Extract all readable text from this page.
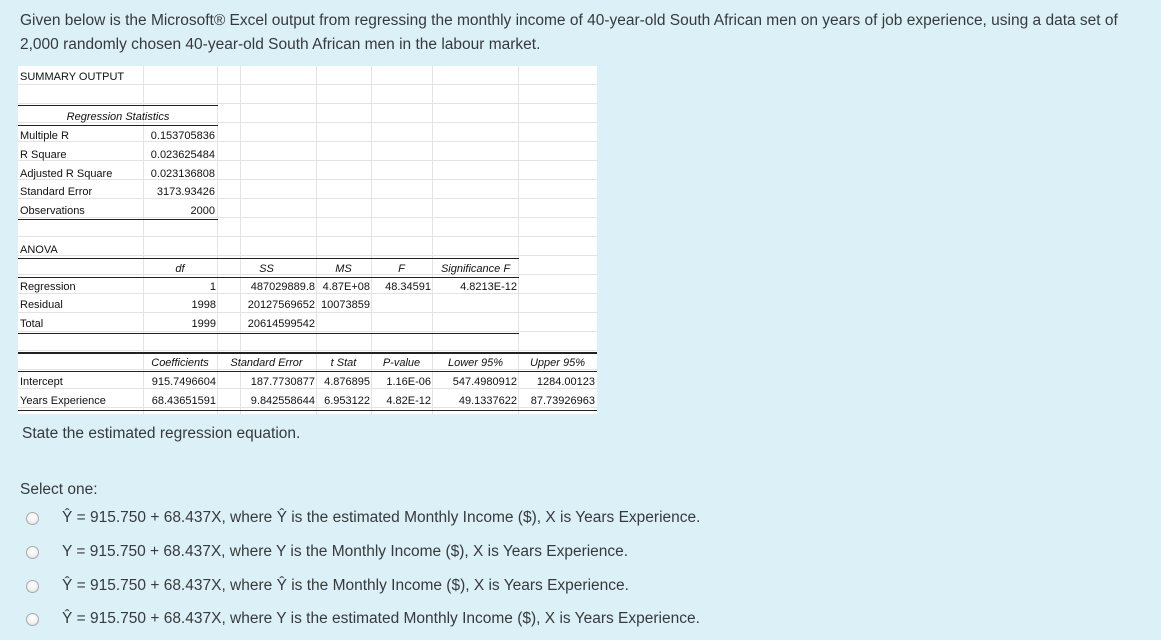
Given below is the Microsoft® Excel output from regressing the monthly income of 40-year-old South African men on years of job experience, using a data set of 2,000 randomly chosen 40-year-old South African men in the labour market.
SUMMARY OUTPUT
Regression Statistics
Multiple R	0.153705836
R Square	0.023625484
Adjusted R Square	0.023136808
Standard Error	3173.93426
Observations	2000
ANOVA
df	SS	MS	F	Significance F
Regression	1	487029889.8 4.87E+08	48.34591	4.8213E-12
Residual	1998	20127569652 10073859
Total	1999	20614599542
Coefficients	Standard Error	t Stat	P-value	Lower 95%	Upper 95%
Intercept	915.7496604	187.7730877 4.876895	1.16E-06	547.4980912	1284.00123
Years Experience	68.43651591	9.842558644 6.953122	4.82E-12	49.1337622	87.73926963
State the estimated regression equation.
Select one:
Ŷ = 915.750 + 68.437X, where Ŷ is the estimated Monthly Income ($), X is Years Experience.
Y = 915.750 + 68.437X, where Y is the Monthly Income ($), X is Years Experience.
Ŷ = 915.750 + 68.437X, where Ŷ is the Monthly Income ($), X is Years Experience.
Ŷ = 915.750 + 68.437X, where Y is the estimated Monthly Income ($), X is Years Experience.
